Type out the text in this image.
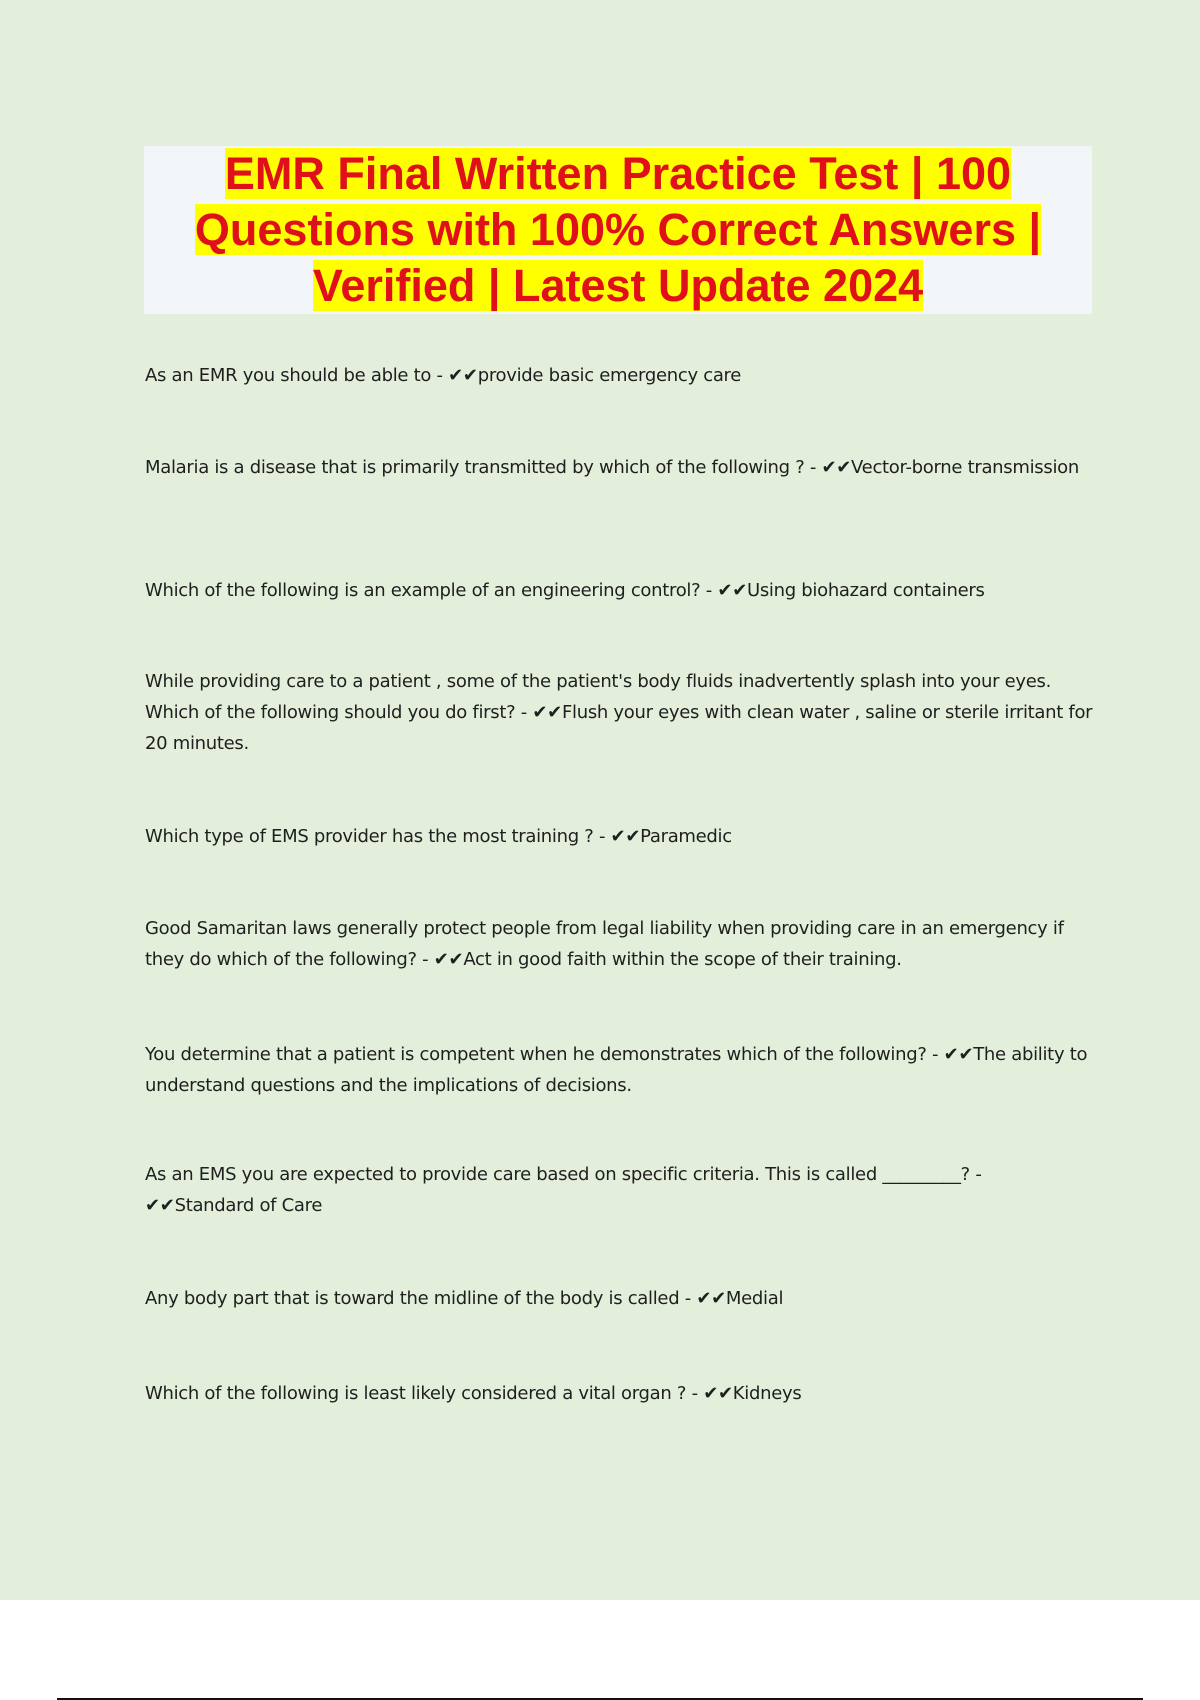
EMR Final Written Practice Test | 100 Questions with 100% Correct Answers | Verified | Latest Update 2024

As an EMR you should be able to - ✔✔provide basic emergency care

Malaria is a disease that is primarily transmitted by which of the following ? - ✔✔Vector-borne transmission

Which of the following is an example of an engineering control? - ✔✔Using biohazard containers

While providing care to a patient , some of the patient's body fluids inadvertently splash into your eyes. Which of the following should you do first? - ✔✔Flush your eyes with clean water , saline or sterile irritant for 20 minutes.

Which type of EMS provider has the most training ? - ✔✔Paramedic

Good Samaritan laws generally protect people from legal liability when providing care in an emergency if they do which of the following? - ✔✔Act in good faith within the scope of their training.

You determine that a patient is competent when he demonstrates which of the following? - ✔✔The ability to understand questions and the implications of decisions.

As an EMS you are expected to provide care based on specific criteria. This is called _________? - ✔✔Standard of Care

Any body part that is toward the midline of the body is called - ✔✔Medial

Which of the following is least likely considered a vital organ ? - ✔✔Kidneys
